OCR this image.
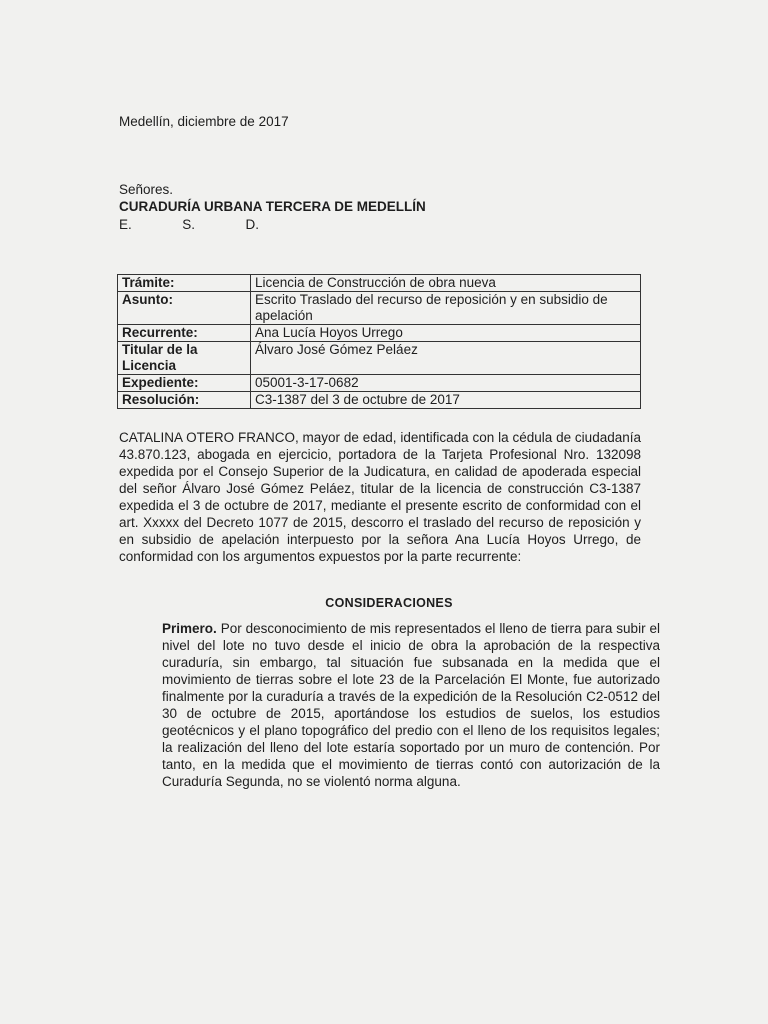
Medellín, diciembre de 2017
Señores.
CURADURÍA URBANA TERCERA DE MEDELLÍN
E.	S.	D.
Trámite:	Licencia de Construcción de obra nueva
Asunto:	Escrito Traslado del recurso de reposición y en subsidio de apelación
Recurrente:	Ana Lucía Hoyos Urrego
Titular de la Licencia	Álvaro José Gómez Peláez
Expediente:	05001-3-17-0682
Resolución:	C3-1387 del 3 de octubre de 2017
CATALINA OTERO FRANCO, mayor de edad, identificada con la cédula de ciudadanía 43.870.123, abogada en ejercicio, portadora de la Tarjeta Profesional Nro. 132098 expedida por el Consejo Superior de la Judicatura, en calidad de apoderada especial del señor Álvaro José Gómez Peláez, titular de la licencia de construcción C3-1387 expedida el 3 de octubre de 2017, mediante el presente escrito de conformidad con el art. Xxxxx del Decreto 1077 de 2015, descorro el traslado del recurso de reposición y en subsidio de apelación interpuesto por la señora Ana Lucía Hoyos Urrego, de conformidad con los argumentos expuestos por la parte recurrente:
CONSIDERACIONES
Primero. Por desconocimiento de mis representados el lleno de tierra para subir el nivel del lote no tuvo desde el inicio de obra la aprobación de la respectiva curaduría, sin embargo, tal situación fue subsanada en la medida que el movimiento de tierras sobre el lote 23 de la Parcelación El Monte, fue autorizado finalmente por la curaduría a través de la expedición de la Resolución C2-0512 del 30 de octubre de 2015, aportándose los estudios de suelos, los estudios geotécnicos y el plano topográfico del predio con el lleno de los requisitos legales; la realización del lleno del lote estaría soportado por un muro de contención. Por tanto, en la medida que el movimiento de tierras contó con autorización de la Curaduría Segunda, no se violentó norma alguna.
